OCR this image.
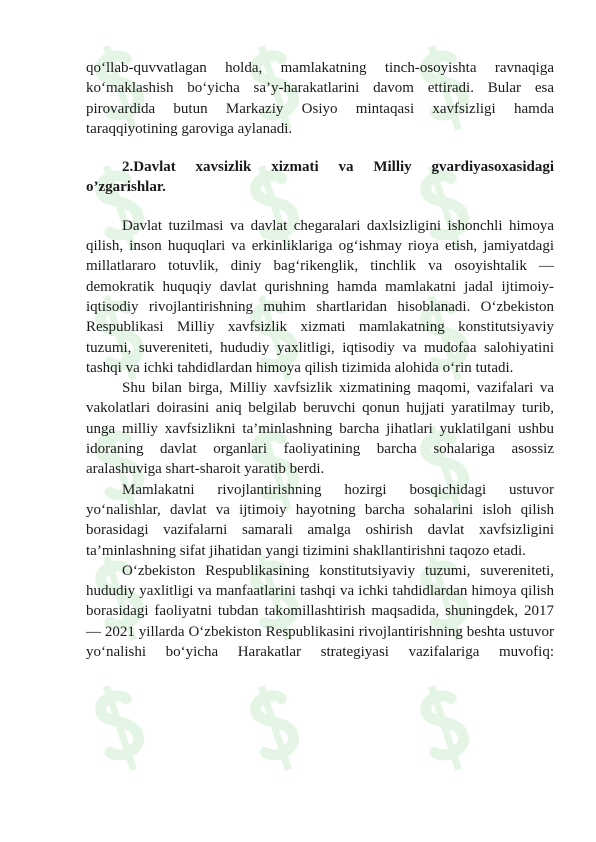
qo‘llab-quvvatlagan holda, mamlakatning tinch-osoyishta ravnaqiga ko‘maklashish bo‘yicha sa’y-harakatlarini davom ettiradi. Bular esa pirovardida butun Markaziy Osiyo mintaqasi xavfsizligi hamda taraqqiyotining garoviga aylanadi.

2.Davlat xavsizlik xizmati va Milliy gvardiyasoxasidagi o’zgarishlar.

Davlat tuzilmasi va davlat chegaralari daxlsizligini ishonchli himoya qilish, inson huquqlari va erkinliklariga og‘ishmay rioya etish, jamiyatdagi millatlararo totuvlik, diniy bag‘rikenglik, tinchlik va osoyishtalik — demokratik huquqiy davlat qurishning hamda mamlakatni jadal ijtimoiy-iqtisodiy rivojlantirishning muhim shartlaridan hisoblanadi. O‘zbekiston Respublikasi Milliy xavfsizlik xizmati mamlakatning konstitutsiyaviy tuzumi, suvereniteti, hududiy yaxlitligi, iqtisodiy va mudofaa salohiyatini tashqi va ichki tahdidlardan himoya qilish tizimida alohida o‘rin tutadi.

Shu bilan birga, Milliy xavfsizlik xizmatining maqomi, vazifalari va vakolatlari doirasini aniq belgilab beruvchi qonun hujjati yaratilmay turib, unga milliy xavfsizlikni ta’minlashning barcha jihatlari yuklatilgani ushbu idoraning davlat organlari faoliyatining barcha sohalariga asossiz aralashuviga shart-sharoit yaratib berdi.

Mamlakatni rivojlantirishning hozirgi bosqichidagi ustuvor yo‘nalishlar, davlat va ijtimoiy hayotning barcha sohalarini isloh qilish borasidagi vazifalarni samarali amalga oshirish davlat xavfsizligini ta’minlashning sifat jihatidan yangi tizimini shakllantirishni taqozo etadi.

O‘zbekiston Respublikasining konstitutsiyaviy tuzumi, suvereniteti, hududiy yaxlitligi va manfaatlarini tashqi va ichki tahdidlardan himoya qilish borasidagi faoliyatni tubdan takomillashtirish maqsadida, shuningdek, 2017 — 2021 yillarda O‘zbekiston Respublikasini rivojlantirishning beshta ustuvor yo‘nalishi bo‘yicha Harakatlar strategiyasi vazifalariga muvofiq:
